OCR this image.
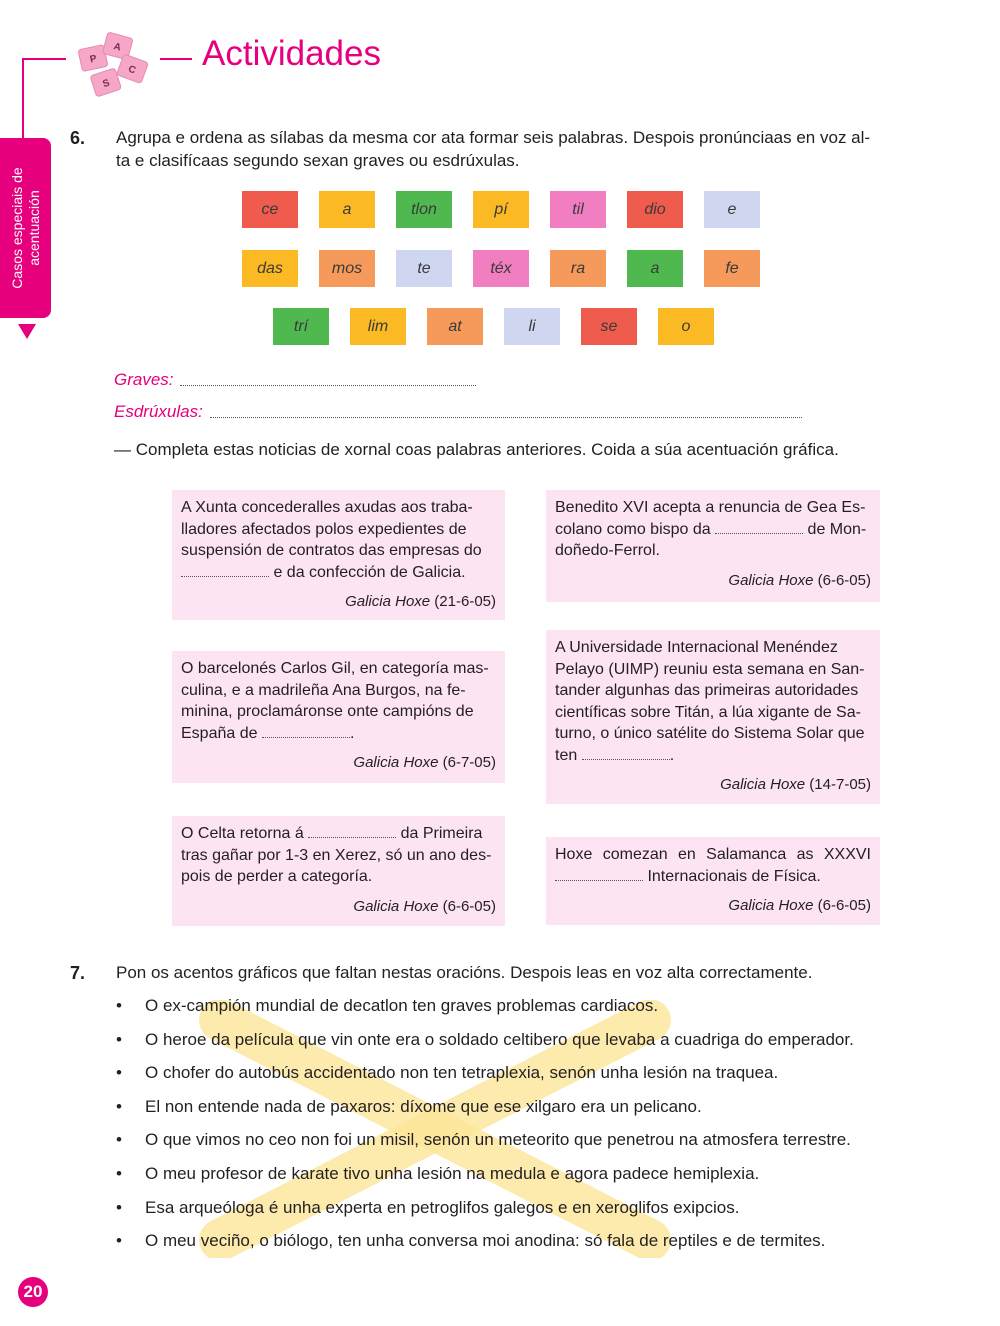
P
A
C
S
Actividades
Casos especiais de acentuación
6. Agrupa e ordena as sílabas da mesma cor ata formar seis palabras. Despois pronúnciaas en voz al-
ta e clasifícaas segundo sexan graves ou esdrúxulas.
ce	a	tlon	pí	til	dio	e
das	mos	te	téx	ra	a	fe
trí	lim	at	li	se	o
Graves:
Esdrúxulas:
— Completa estas noticias de xornal coas palabras anteriores. Coida a súa acentuación gráfica.

A Xunta concederalles axudas aos traballadores afectados polos expedientes de suspensión de contratos das empresas do  e da confección de Galicia.

Galicia Hoxe (21-6-05)

Benedito XVI acepta a renuncia de Gea Escolano como bispo da	de Mondoñedo-Ferrol.

Galicia Hoxe (6-6-05)

O barcelonés Carlos Gil, en categoría masculina, e a madrileña Ana Burgos, na feminina, proclamáronse onte campións de España de	.

Galicia Hoxe (6-7-05)

A Universidade Internacional Menéndez Pelayo (UIMP) reuniu esta semana en Santander algunhas das primeiras autoridades científicas sobre Titán, a lúa xigante de Saturno, o único satélite do Sistema Solar que ten	.

Galicia Hoxe (14-7-05)

O Celta retorna á	da Primeira tras gañar por 1-3 en Xerez, só un ano despois de perder a categoría.

Galicia Hoxe (6-6-05)

Hoxe comezan en Salamanca as XXXVI  Internacionais de Física.

Galicia Hoxe (6-6-05)
7. Pon os acentos gráficos que faltan nestas oracións. Despois leas en voz alta correctamente.
• O ex-campión mundial de decatlon ten graves problemas cardiacos.
• O heroe da película que vin onte era o soldado celtibero que levaba a cuadriga do emperador.
• O chofer do autobús accidentado non ten tetraplexia, senón unha lesión na traquea.
• El non entende nada de paxaros: díxome que ese xilgaro era un pelicano.
• O que vimos no ceo non foi un misil, senón un meteorito que penetrou na atmosfera terrestre.
• O meu profesor de karate tivo unha lesión na medula e agora padece hemiplexia.
• Esa arqueóloga é unha experta en petroglifos galegos e en xeroglifos exipcios.
• O meu veciño, o biólogo, ten unha conversa moi anodina: só fala de reptiles e de termites.
20
